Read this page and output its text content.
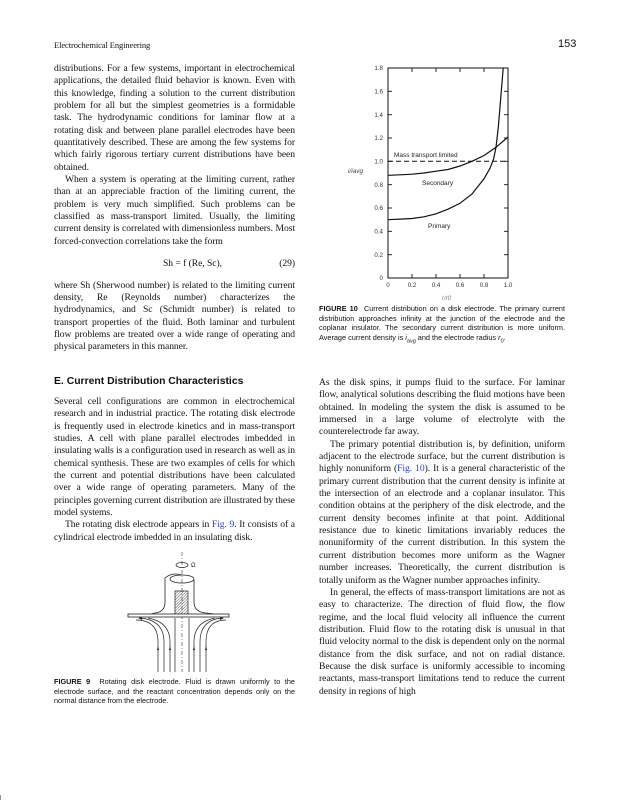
Electrochemical Engineering	153

distributions. For a few systems, important in electrochemical applications, the detailed fluid behavior is known. Even with this knowledge, finding a solution to the current distribution problem for all but the simplest geometries is a formidable task. The hydrodynamic conditions for laminar flow at a rotating disk and between plane parallel electrodes have been quantitatively described. These are among the few systems for which fairly rigorous tertiary current distributions have been obtained.

When a system is operating at the limiting current, rather than at an appreciable fraction of the limiting current, the problem is very much simplified. Such problems can be classified as mass-transport limited. Usually, the limiting current density is correlated with dimensionless numbers. Most forced-convection correlations take the form

Sh = f (Re, Sc),	(29)

where Sh (Sherwood number) is related to the limiting current density, Re (Reynolds number) characterizes the hydrodynamics, and Sc (Schmidt number) is related to transport properties of the fluid. Both laminar and turbulent flow problems are treated over a wide range of operating and physical parameters in this manner.

E. Current Distribution Characteristics

Several cell configurations are common in electrochemical research and in industrial practice. The rotating disk electrode is frequently used in electrode kinetics and in mass-transport studies. A cell with plane parallel electrodes imbedded in insulating walls is a configuration used in research as well as in chemical synthesis. These are two examples of cells for which the current and potential distributions have been calculated over a wide range of operating parameters. Many of the principles governing current distribution are illustrated by these model systems.

The rotating disk electrode appears in Fig. 9. It consists of a cylindrical electrode imbedded in an insulating disk.

Ω

FIGURE 9 Rotating disk electrode. Fluid is drawn uniformly to the electrode surface, and the reactant concentration depends only on the normal distance from the electrode.

0
0.2
0.4
0.6
0.8
1.0
1.2
1.4
1.6
1.8
0	0.2 0.4 0.6 0.8 1.0
i/iavg
r/r0
Mass transport limited
Secondary
Primary

FIGURE 10 Current distribution on a disk electrode. The primary current distribution approaches infinity at the junction of the electrode and the coplanar insulator. The secondary current distribution is more uniform. Average current density is $i_{avg}$ and the electrode radius $r_0$.

As the disk spins, it pumps fluid to the surface. For laminar flow, analytical solutions describing the fluid motions have been obtained. In modeling the system the disk is assumed to be immersed in a large volume of electrolyte with the counterelectrode far away.

The primary potential distribution is, by definition, uniform adjacent to the electrode surface, but the current distribution is highly nonuniform (Fig. 10). It is a general characteristic of the primary current distribution that the current density is infinite at the intersection of an electrode and a coplanar insulator. This condition obtains at the periphery of the disk electrode, and the current density becomes infinite at that point. Additional resistance due to kinetic limitations invariably reduces the nonuniformity of the current distribution. In this system the current distribution becomes more uniform as the Wagner number increases. Theoretically, the current distribution is totally uniform as the Wagner number approaches infinity.

In general, the effects of mass-transport limitations are not as easy to characterize. The direction of fluid flow, the flow regime, and the local fluid velocity all influence the current distribution. Fluid flow to the rotating disk is unusual in that fluid velocity normal to the disk is dependent only on the normal distance from the disk surface, and not on radial distance. Because the disk surface is uniformly accessible to incoming reactants, mass-transport limitations tend to reduce the current density in regions of high
